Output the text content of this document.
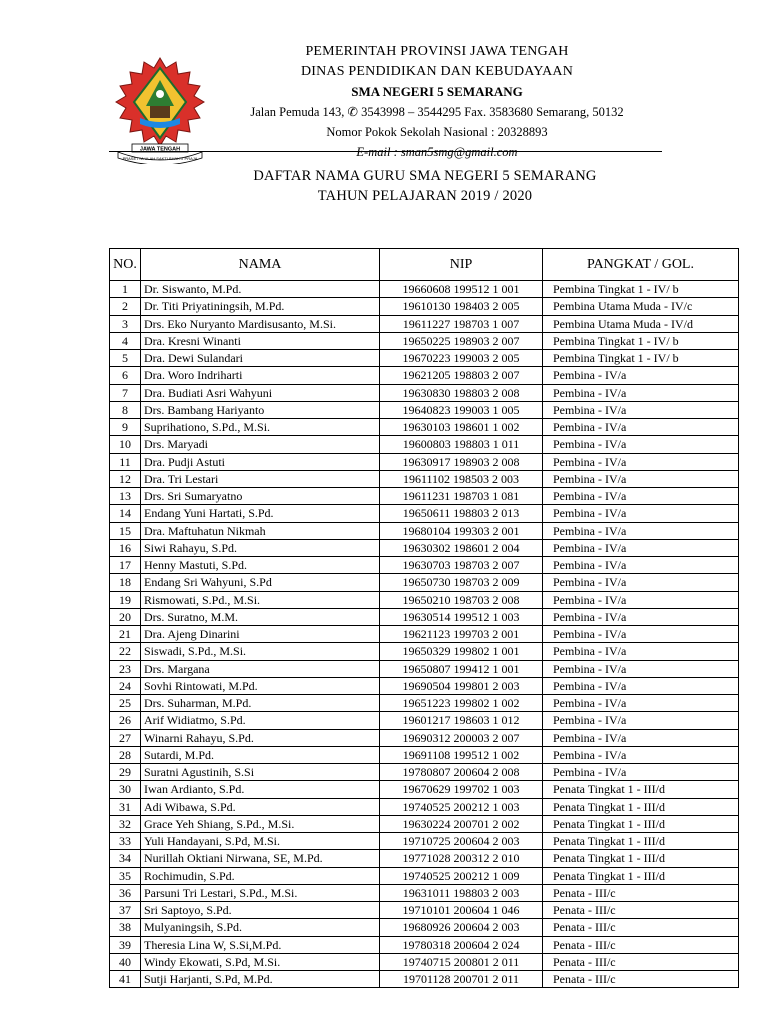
JAWA TENGAH
PRASETYA ULAH SAKTI BHAKTI PRAJA
PEMERINTAH PROVINSI JAWA TENGAH
DINAS PENDIDIKAN DAN KEBUDAYAAN
SMA NEGERI 5 SEMARANG
Jalan Pemuda 143, ✆ 3543998 – 3544295 Fax. 3583680 Semarang, 50132
Nomor Pokok Sekolah Nasional : 20328893
E-mail : sman5smg@gmail.com
DAFTAR NAMA GURU SMA NEGERI 5 SEMARANG
TAHUN PELAJARAN 2019 / 2020
NO.	NAMA	NIP	PANGKAT / GOL.
1	Dr. Siswanto, M.Pd.	19660608 199512 1 001	Pembina Tingkat 1 - IV/ b
2	Dr. Titi Priyatiningsih, M.Pd.	19610130 198403 2 005	Pembina Utama Muda - IV/c
3	Drs. Eko Nuryanto Mardisusanto, M.Si.	19611227 198703 1 007	Pembina Utama Muda - IV/d
4	Dra. Kresni Winanti	19650225 198903 2 007	Pembina Tingkat 1 - IV/ b
5	Dra. Dewi Sulandari	19670223 199003 2 005	Pembina Tingkat 1 - IV/ b
6	Dra. Woro Indriharti	19621205 198803 2 007	Pembina - IV/a
7	Dra. Budiati Asri Wahyuni	19630830 198803 2 008	Pembina - IV/a
8	Drs. Bambang Hariyanto	19640823 199003 1 005	Pembina - IV/a
9	Suprihationo, S.Pd., M.Si.	19630103 198601 1 002	Pembina - IV/a
10	Drs. Maryadi	19600803 198803 1 011	Pembina - IV/a
11	Dra. Pudji Astuti	19630917 198903 2 008	Pembina - IV/a
12	Dra. Tri Lestari	19611102 198503 2 003	Pembina - IV/a
13	Drs. Sri Sumaryatno	19611231 198703 1 081	Pembina - IV/a
14	Endang Yuni Hartati, S.Pd.	19650611 198803 2 013	Pembina - IV/a
15	Dra. Maftuhatun Nikmah	19680104 199303 2 001	Pembina - IV/a
16	Siwi Rahayu, S.Pd.	19630302 198601 2 004	Pembina - IV/a
17	Henny Mastuti, S.Pd.	19630703 198703 2 007	Pembina - IV/a
18	Endang Sri Wahyuni, S.Pd	19650730 198703 2 009	Pembina - IV/a
19	Rismowati, S.Pd., M.Si.	19650210 198703 2 008	Pembina - IV/a
20	Drs. Suratno, M.M.	19630514 199512 1 003	Pembina - IV/a
21	Dra. Ajeng Dinarini	19621123 199703 2 001	Pembina - IV/a
22	Siswadi, S.Pd., M.Si.	19650329 199802 1 001	Pembina - IV/a
23	Drs. Margana	19650807 199412 1 001	Pembina - IV/a
24	Sovhi Rintowati, M.Pd.	19690504 199801 2 003	Pembina - IV/a
25	Drs. Suharman, M.Pd.	19651223 199802 1 002	Pembina - IV/a
26	Arif Widiatmo, S.Pd.	19601217 198603 1 012	Pembina - IV/a
27	Winarni Rahayu, S.Pd.	19690312 200003 2 007	Pembina - IV/a
28	Sutardi, M.Pd.	19691108 199512 1 002	Pembina - IV/a
29	Suratni Agustinih, S.Si	19780807 200604 2 008	Pembina - IV/a
30	Iwan Ardianto, S.Pd.	19670629 199702 1 003	Penata Tingkat 1 - III/d
31	Adi Wibawa, S.Pd.	19740525 200212 1 003	Penata Tingkat 1 - III/d
32	Grace Yeh Shiang, S.Pd., M.Si.	19630224 200701 2 002	Penata Tingkat 1 - III/d
33	Yuli Handayani, S.Pd, M.Si.	19710725 200604 2 003	Penata Tingkat 1 - III/d
34	Nurillah Oktiani Nirwana, SE, M.Pd.	19771028 200312 2 010	Penata Tingkat 1 - III/d
35	Rochimudin, S.Pd.	19740525 200212 1 009	Penata Tingkat 1 - III/d
36	Parsuni Tri Lestari, S.Pd., M.Si.	19631011 198803 2 003	Penata - III/c
37	Sri Saptoyo, S.Pd.	19710101 200604 1 046	Penata - III/c
38	Mulyaningsih, S.Pd.	19680926 200604 2 003	Penata - III/c
39	Theresia Lina W, S.Si,M.Pd.	19780318 200604 2 024	Penata - III/c
40	Windy Ekowati, S.Pd, M.Si.	19740715 200801 2 011	Penata - III/c
41	Sutji Harjanti, S.Pd, M.Pd.	19701128 200701 2 011	Penata - III/c
